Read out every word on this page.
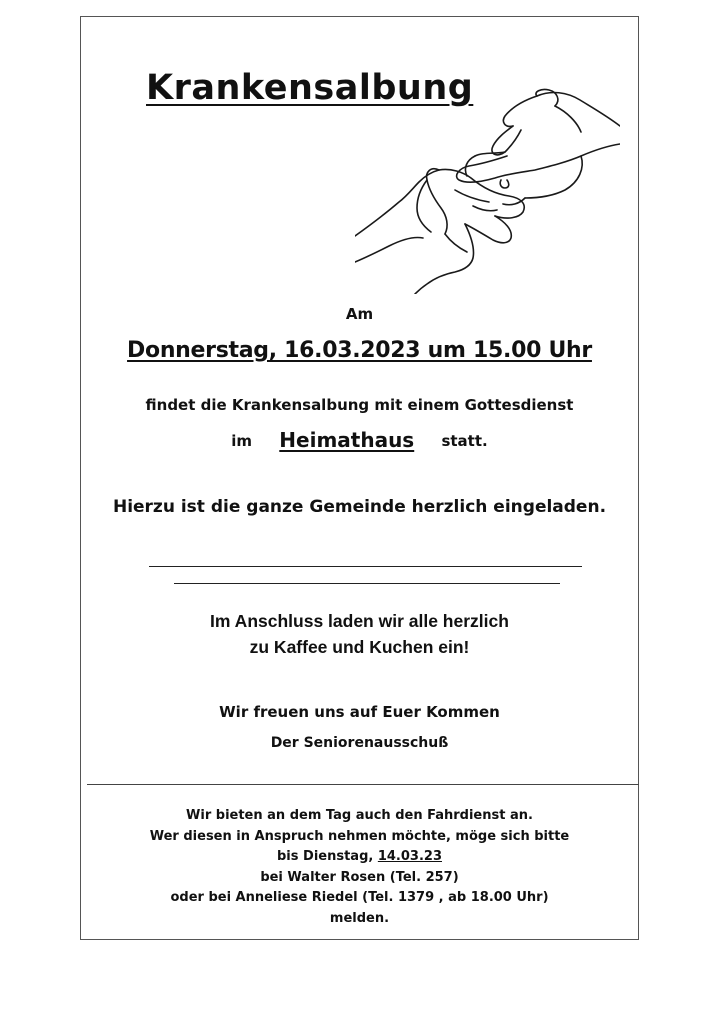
Krankensalbung
Am
Donnerstag, 16.03.2023 um 15.00 Uhr
findet die Krankensalbung mit einem Gottesdienst
im Heimathaus statt.
Hierzu ist die ganze Gemeinde herzlich eingeladen.
Im Anschluss laden wir alle herzlich
zu Kaffee und Kuchen ein!
Wir freuen uns auf Euer Kommen
Der Seniorenausschuß
Wir bieten an dem Tag auch den Fahrdienst an.
Wer diesen in Anspruch nehmen möchte, möge sich bitte
bis Dienstag, 14.03.23
bei Walter Rosen (Tel. 257)
oder bei Anneliese Riedel (Tel. 1379 , ab 18.00 Uhr)
melden.
